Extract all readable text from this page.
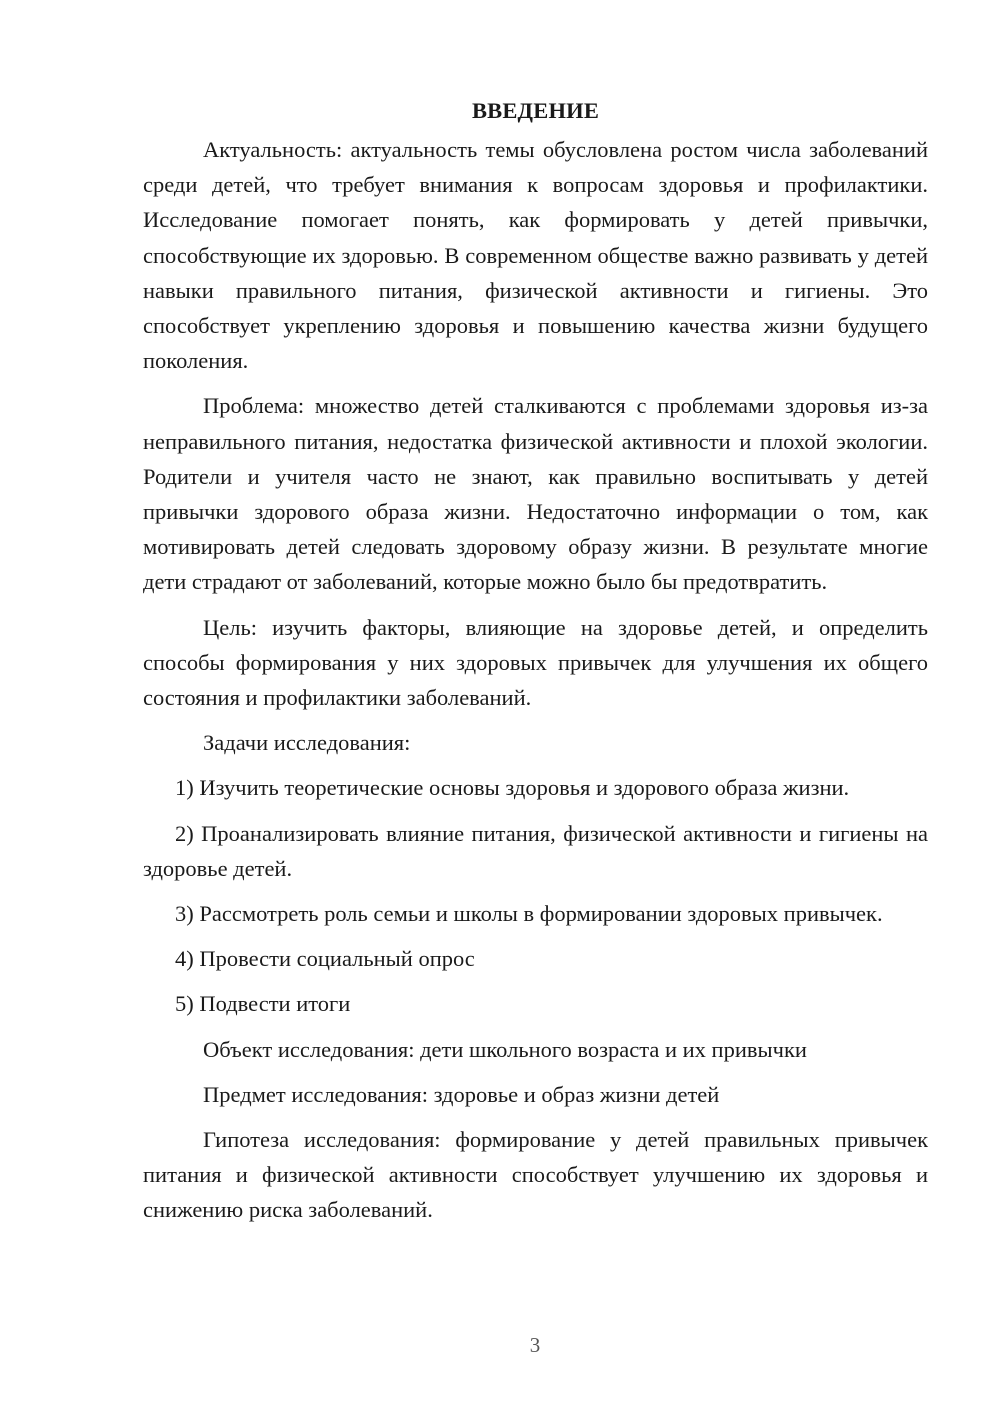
ВВЕДЕНИЕ

Актуальность: актуальность темы обусловлена ростом числа заболеваний среди детей, что требует внимания к вопросам здоровья и профилактики. Исследование помогает понять, как формировать у детей привычки, способствующие их здоровью. В современном обществе важно развивать у детей навыки правильного питания, физической активности и гигиены. Это способствует укреплению здоровья и повышению качества жизни будущего поколения.

Проблема: множество детей сталкиваются с проблемами здоровья из-за неправильного питания, недостатка физической активности и плохой экологии. Родители и учителя часто не знают, как правильно воспитывать у детей привычки здорового образа жизни. Недостаточно информации о том, как мотивировать детей следовать здоровому образу жизни. В результате многие дети страдают от заболеваний, которые можно было бы предотвратить.

Цель: изучить факторы, влияющие на здоровье детей, и определить способы формирования у них здоровых привычек для улучшения их общего состояния и профилактики заболеваний.

Задачи исследования:

1) Изучить теоретические основы здоровья и здорового образа жизни.

2) Проанализировать влияние питания, физической активности и гигиены на здоровье детей.

3) Рассмотреть роль семьи и школы в формировании здоровых привычек.

4) Провести социальный опрос

5) Подвести итоги

Объект исследования: дети школьного возраста и их привычки

Предмет исследования: здоровье и образ жизни детей

Гипотеза исследования: формирование у детей правильных привычек питания и физической активности способствует улучшению их здоровья и снижению риска заболеваний.

3
